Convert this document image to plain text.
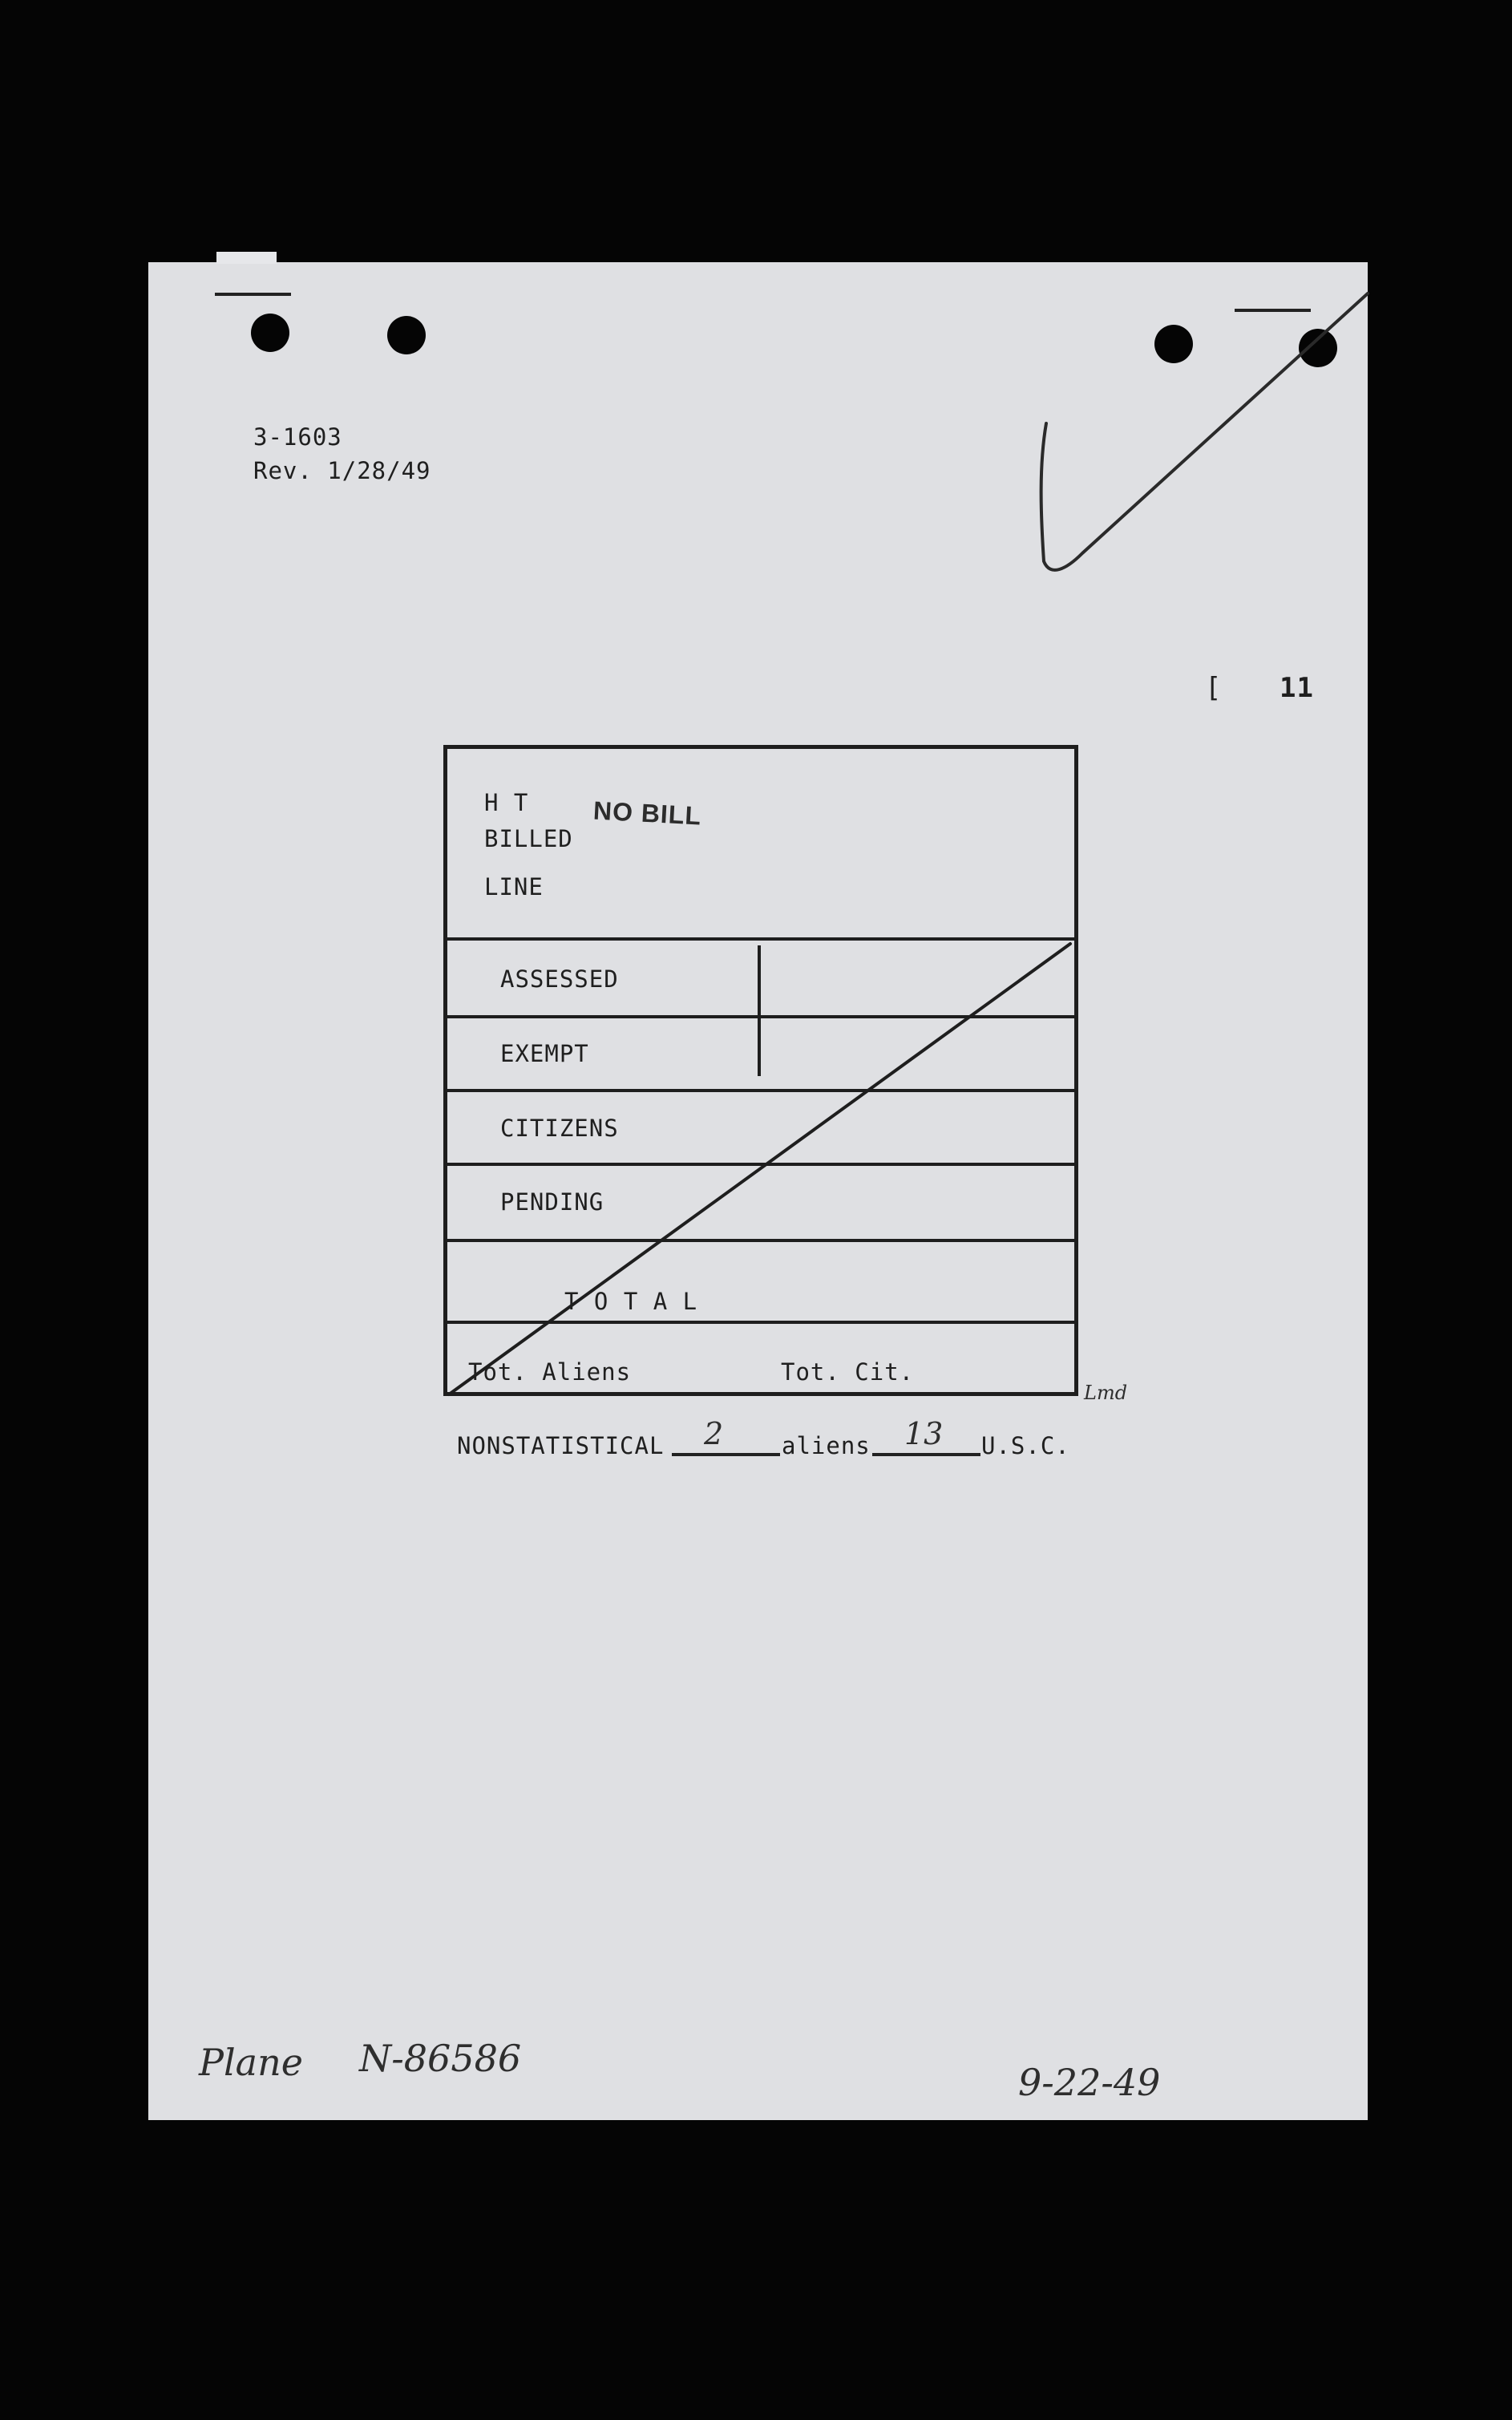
3-1603
Rev. 1/28/49
[ 11
H T
BILLED
LINE
NO BILL
ASSESSED
EXEMPT
CITIZENS
PENDING
T O T A L
Tot. Aliens	Tot. Cit.
Lmd
NONSTATISTICAL 2	aliens 13 U.S.C.
Plane N-86586
9-22-49
